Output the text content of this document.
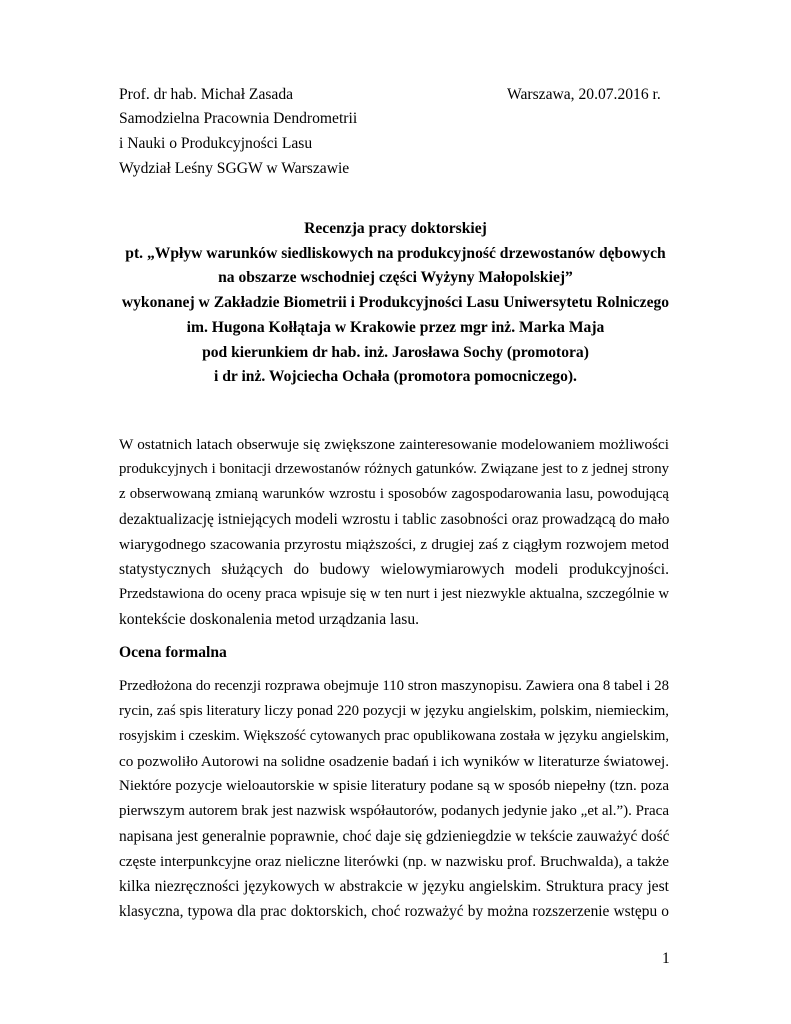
Prof. dr hab. Michał Zasada	Warszawa, 20.07.2016 r.
Samodzielna Pracownia Dendrometrii
i Nauki o Produkcyjności Lasu
Wydział Leśny SGGW w Warszawie
Recenzja pracy doktorskiej
pt. „Wpływ warunków siedliskowych na produkcyjność drzewostanów dębowych
na obszarze wschodniej części Wyżyny Małopolskiej”
wykonanej w Zakładzie Biometrii i Produkcyjności Lasu Uniwersytetu Rolniczego
im. Hugona Kołłątaja w Krakowie przez mgr inż. Marka Maja
pod kierunkiem dr hab. inż. Jarosława Sochy (promotora)
i dr inż. Wojciecha Ochała (promotora pomocniczego).
W ostatnich latach obserwuje się zwiększone zainteresowanie modelowaniem możliwości
produkcyjnych i bonitacji drzewostanów różnych gatunków. Związane jest to z jednej strony
z obserwowaną zmianą warunków wzrostu i sposobów zagospodarowania lasu, powodującą
dezaktualizację istniejących modeli wzrostu i tablic zasobności oraz prowadzącą do mało
wiarygodnego szacowania przyrostu miąższości, z drugiej zaś z ciągłym rozwojem metod
statystycznych służących do budowy wielowymiarowych modeli produkcyjności.
Przedstawiona do oceny praca wpisuje się w ten nurt i jest niezwykle aktualna, szczególnie w
kontekście doskonalenia metod urządzania lasu.
Ocena formalna
Przedłożona do recenzji rozprawa obejmuje 110 stron maszynopisu. Zawiera ona 8 tabel i 28
rycin, zaś spis literatury liczy ponad 220 pozycji w języku angielskim, polskim, niemieckim,
rosyjskim i czeskim. Większość cytowanych prac opublikowana została w języku angielskim,
co pozwoliło Autorowi na solidne osadzenie badań i ich wyników w literaturze światowej.
Niektóre pozycje wieloautorskie w spisie literatury podane są w sposób niepełny (tzn. poza
pierwszym autorem brak jest nazwisk współautorów, podanych jedynie jako „et al.”). Praca
napisana jest generalnie poprawnie, choć daje się gdzieniegdzie w tekście zauważyć dość
częste interpunkcyjne oraz nieliczne literówki (np. w nazwisku prof. Bruchwalda), a także
kilka niezręczności językowych w abstrakcie w języku angielskim. Struktura pracy jest
klasyczna, typowa dla prac doktorskich, choć rozważyć by można rozszerzenie wstępu o
1
